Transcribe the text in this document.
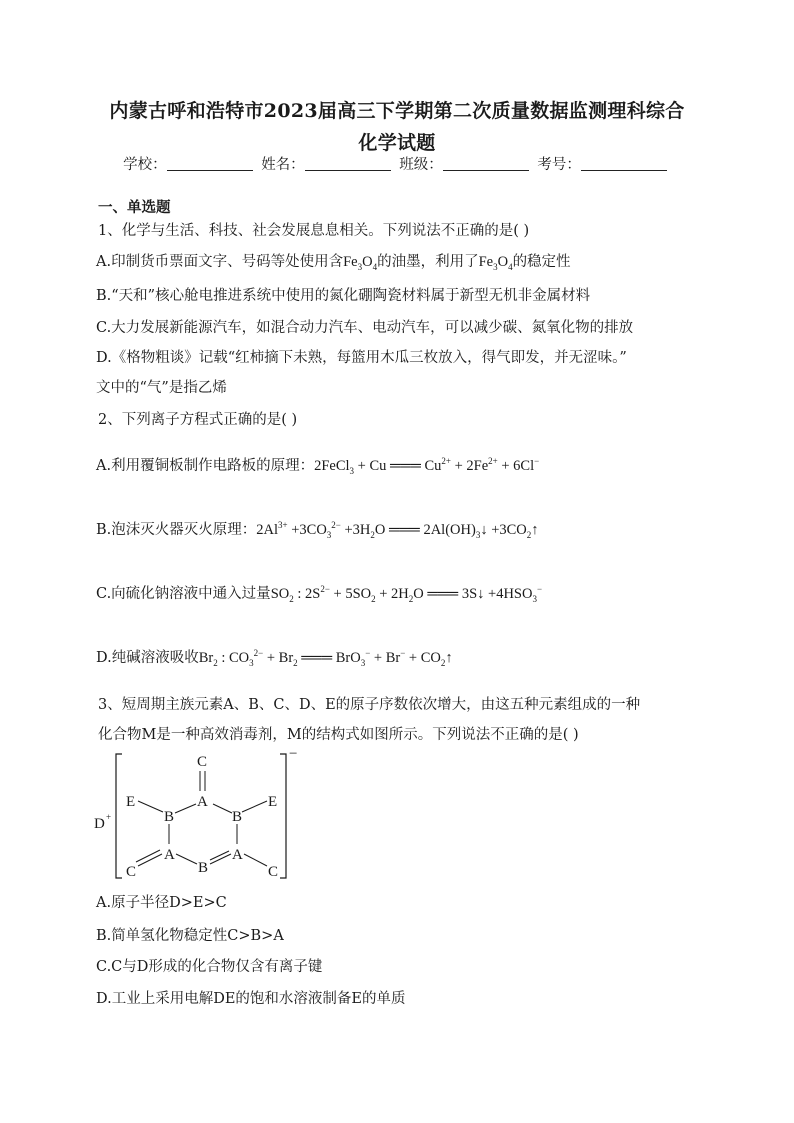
内蒙古呼和浩特市2023届高三下学期第二次质量数据监测理科综合
化学试题
学校：	姓名：	班级：	考号：
一、单选题
1、化学与生活、科技、社会发展息息相关。下列说法不正确的是( )
A.印制货币票面文字、号码等处使用含$Fe_3O_4$的油墨，利用了$Fe_3O_4$的稳定性
B.“天和”核心舱电推进系统中使用的氮化硼陶瓷材料属于新型无机非金属材料
C.大力发展新能源汽车，如混合动力汽车、电动汽车，可以减少碳、氮氧化物的排放
D.《格物粗谈》记载“红柿摘下未熟，每篮用木瓜三枚放入，得气即发，并无涩味。”
文中的“气”是指乙烯
2、下列离子方程式正确的是( )
A.利用覆铜板制作电路板的原理：2FeCl$_3$ + Cu ═══ $Cu^{2+} + 2Fe^{2+} + 6Cl^-$
B.泡沫灭火器灭火原理：$2Al^{3+} +3CO_3^{2-} +3H_2O$ ═══ $2Al(OH)_3↓$ $+3CO_2↑$
C.向硫化钠溶液中通入过量$SO_2$ : $2S^{2-} + 5SO_2 + 2H_2O$ ═══ 3S↓ $+4HSO_3^-$
D.纯碱溶液吸收$Br_2$ : $CO_3^{2-} + Br_2$ ═══ $BrO_3^- + Br^- + CO_2↑$
3、短周期主族元素A、B、C、D、E的原子序数依次增大，由这五种元素组成的一种
化合物M是一种高效消毒剂，M的结构式如图所示。下列说法不正确的是( )
−
D +
C
A
E	E
B	B
A	A
B
C	C
A.原子半径D>E>C
B.简单氢化物稳定性C>B>A
C.C与D形成的化合物仅含有离子键
D.工业上采用电解DE的饱和水溶液制备E的单质
